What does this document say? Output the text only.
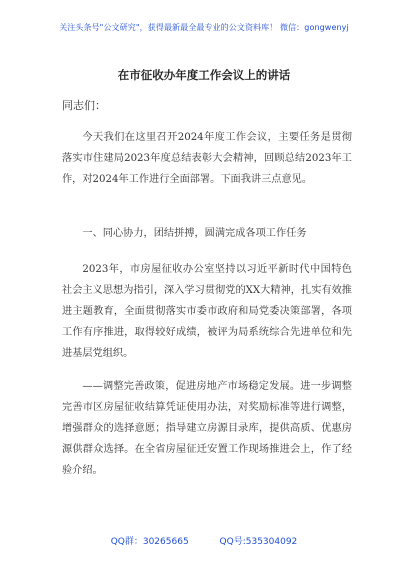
关注头条号"公文研究"，获得最新最全最专业的公文资料库！ 微信：gongwenyj
在市征收办年度工作会议上的讲话
同志们：
今天我们在这里召开2024年度工作会议，主要任务是贯彻落实市住建局2023年度总结表彰大会精神，回顾总结2023年工作，对2024年工作进行全面部署。下面我讲三点意见。
一、同心协力，团结拼搏，圆满完成各项工作任务
2023年，市房屋征收办公室坚持以习近平新时代中国特色社会主义思想为指引，深入学习贯彻党的XX大精神，扎实有效推进主题教育，全面贯彻落实市委市政府和局党委决策部署，各项工作有序推进，取得较好成绩，被评为局系统综合先进单位和先进基层党组织。
——调整完善政策，促进房地产市场稳定发展。进一步调整完善市区房屋征收结算凭证使用办法，对奖励标准等进行调整，增强群众的选择意愿；指导建立房源目录库，提供高质、优惠房源供群众选择。在全省房屋征迁安置工作现场推进会上，作了经验介绍。
QQ群：30265665	QQ号:535304092
